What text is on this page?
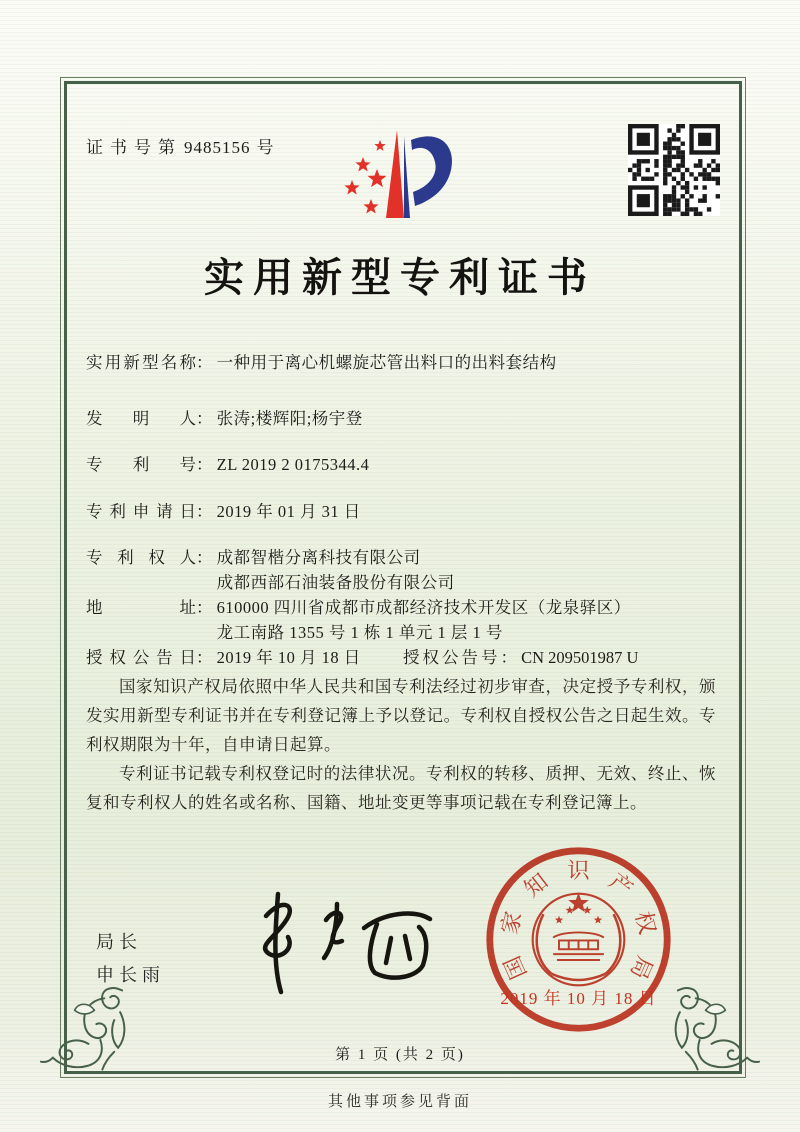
证书号第 9485156 号
实用新型专利证书
实用新型名称： 一种用于离心机螺旋芯管出料口的出料套结构
发明人： 张涛;楼辉阳;杨宇登
专利号： ZL 2019 2 0175344.4
专利申请日： 2019 年 01 月 31 日
专利权人： 成都智楷分离科技有限公司
成都西部石油装备股份有限公司
地址： 610000 四川省成都市成都经济技术开发区（龙泉驿区）
龙工南路 1355 号 1 栋 1 单元 1 层 1 号
授权公告日： 2019 年 10 月 18 日	授权公告号： CN 209501987 U

国家知识产权局依照中华人民共和国专利法经过初步审查，决定授予专利权，颁发实用新型专利证书并在专利登记簿上予以登记。专利权自授权公告之日起生效。专利权期限为十年，自申请日起算。

专利证书记载专利权登记时的法律状况。专利权的转移、质押、无效、终止、恢复和专利权人的姓名或名称、国籍、地址变更等事项记载在专利登记簿上。

局长
申长雨	国
家
知 识 产
权
局
2019 年 10 月 18 日
第 1 页 (共 2 页)
其他事项参见背面
